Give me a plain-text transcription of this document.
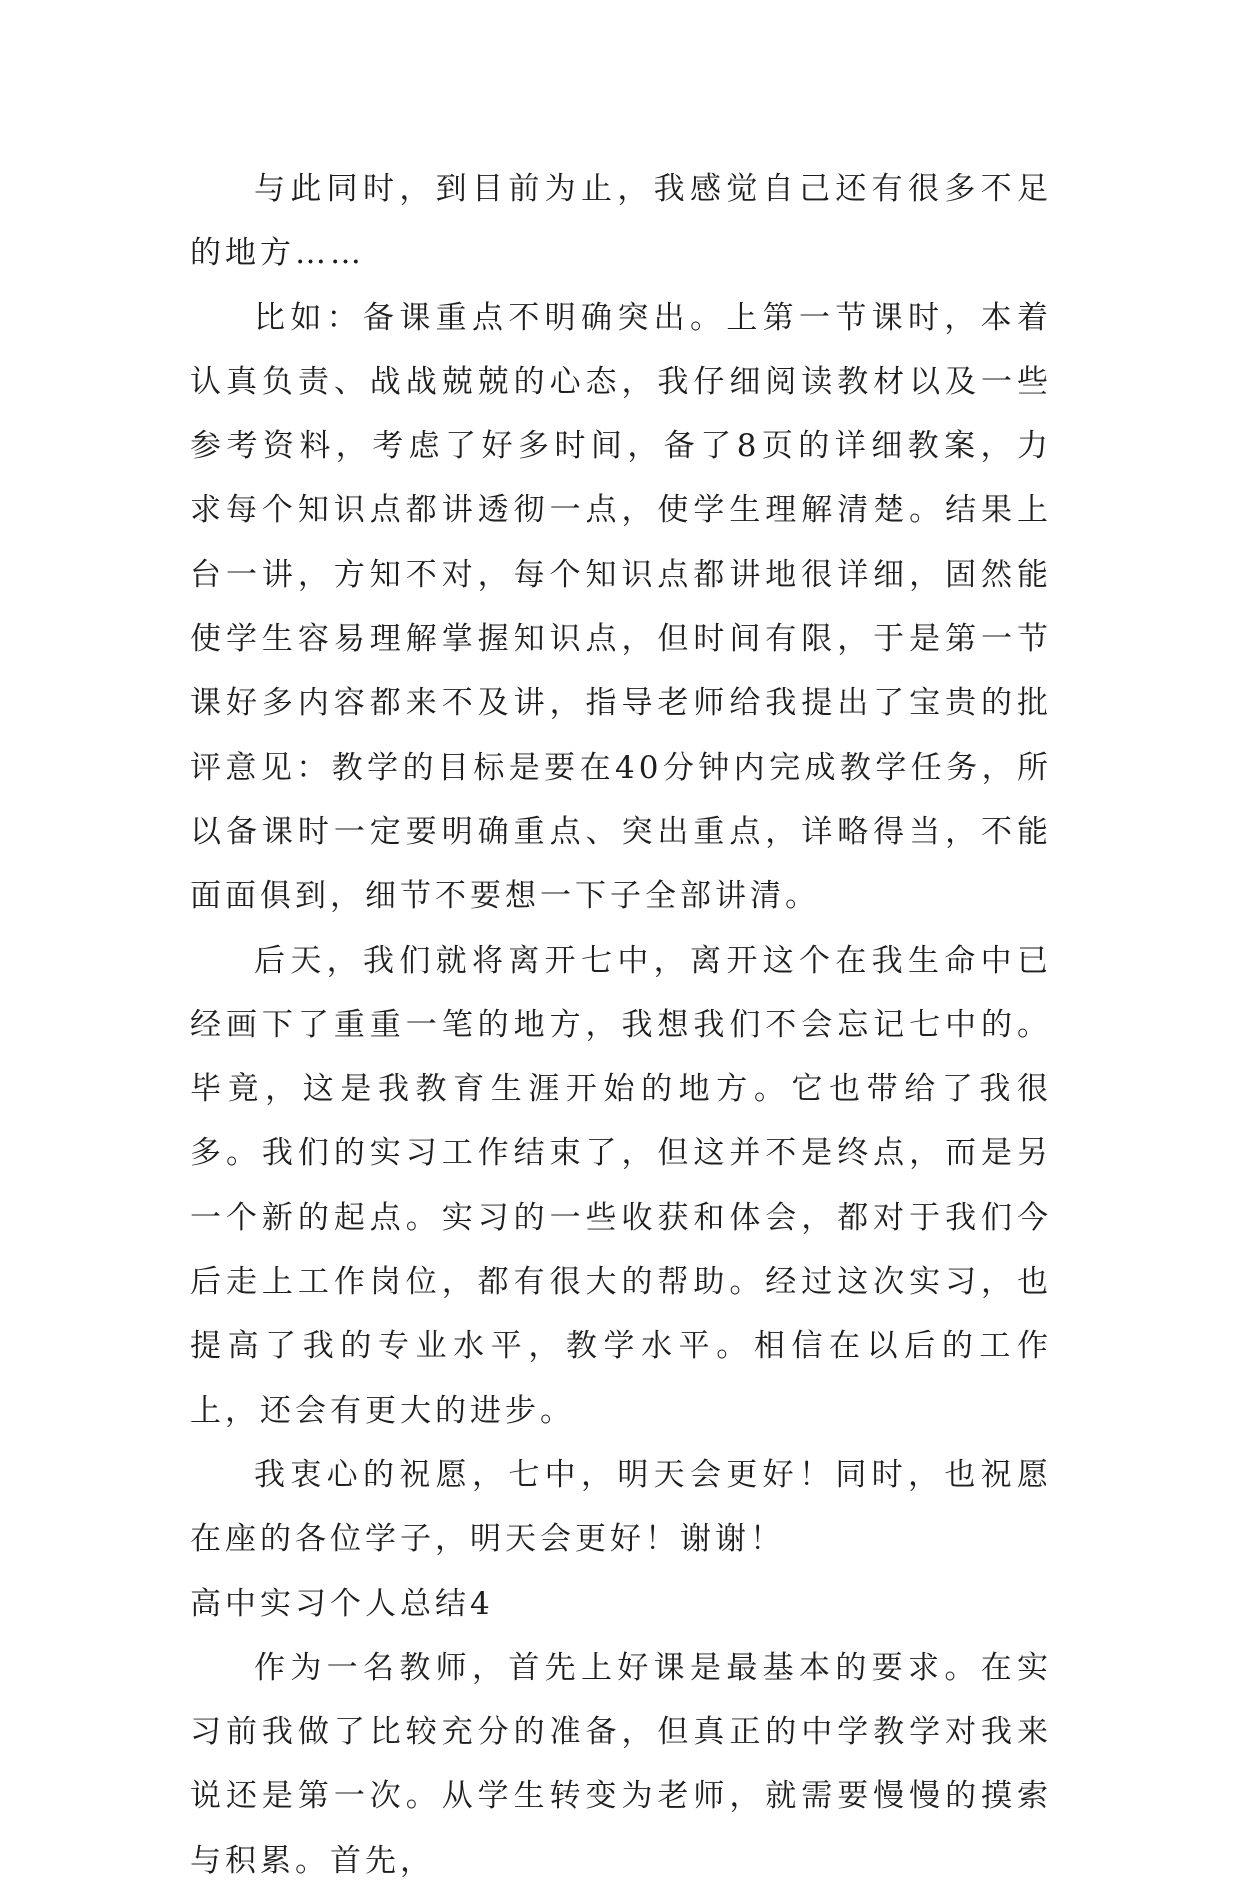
与此同时，到目前为止，我感觉自己还有很多不足的地方……

比如：备课重点不明确突出。上第一节课时，本着认真负责、战战兢兢的心态，我仔细阅读教材以及一些参考资料，考虑了好多时间，备了8页的详细教案，力求每个知识点都讲透彻一点，使学生理解清楚。结果上台一讲，方知不对，每个知识点都讲地很详细，固然能使学生容易理解掌握知识点，但时间有限，于是第一节课好多内容都来不及讲，指导老师给我提出了宝贵的批评意见：教学的目标是要在40分钟内完成教学任务，所以备课时一定要明确重点、突出重点，详略得当，不能面面俱到，细节不要想一下子全部讲清。

后天，我们就将离开七中，离开这个在我生命中已经画下了重重一笔的地方，我想我们不会忘记七中的。毕竟，这是我教育生涯开始的地方。它也带给了我很多。我们的实习工作结束了，但这并不是终点，而是另一个新的起点。实习的一些收获和体会，都对于我们今后走上工作岗位，都有很大的帮助。经过这次实习，也提高了我的专业水平，教学水平。相信在以后的工作上，还会有更大的进步。

我衷心的祝愿，七中，明天会更好！同时，也祝愿在座的各位学子，明天会更好！谢谢！

高中实习个人总结4

作为一名教师，首先上好课是最基本的要求。在实习前我做了比较充分的准备，但真正的中学教学对我来说还是第一次。从学生转变为老师，就需要慢慢的摸索与积累。首先，
